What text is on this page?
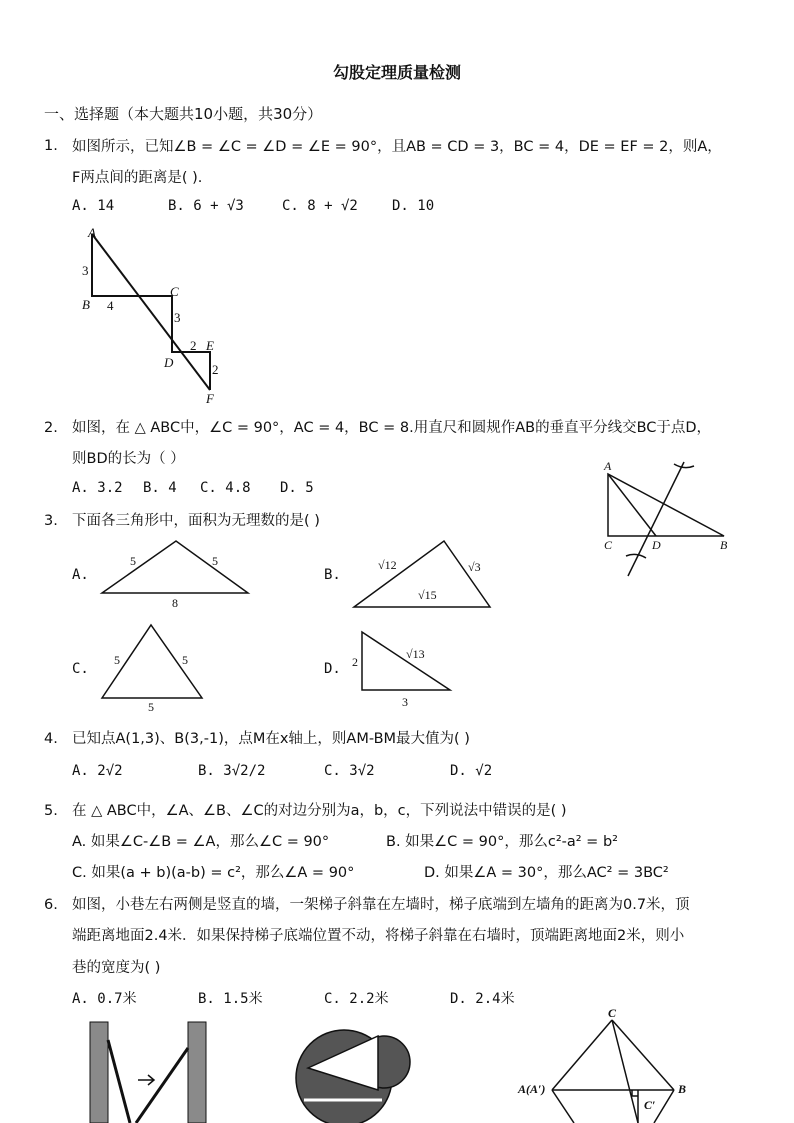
勾股定理质量检测
一、选择题（本大题共10小题，共30分）
1. 如图所示，已知∠B = ∠C = ∠D = ∠E = 90°，且AB = CD = 3，BC = 4，DE = EF = 2，则A，
F两点间的距离是( ).
A. 14	B. 6 + √3	C. 8 + √2 D. 10
A
B
C
D
E
F
3
4
3
2
2
2. 如图，在 △ ABC中，∠C = 90°，AC = 4，BC = 8.用直尺和圆规作AB的垂直平分线交BC于点D，
则BD的长为（ ）
A. 3.2 B. 4 C. 4.8 D. 5
A
C	D	B
3. 下面各三角形中，面积为无理数的是( )
A.
5	5
8
B.
√12	√3
√15
C.
5	5
5
D. 2
√13
3
4. 已知点A(1,3)、B(3,-1)，点M在x轴上，则AM-BM最大值为( )
A. 2√2	B. 3√2/2	C. 3√2	D. √2
5. 在 △ ABC中，∠A、∠B、∠C的对边分别为a，b，c，下列说法中错误的是( )
A. 如果∠C-∠B = ∠A，那么∠C = 90°	B. 如果∠C = 90°，那么c²-a² = b²
C. 如果(a + b)(a-b) = c²，那么∠A = 90°	D. 如果∠A = 30°，那么AC² = 3BC²
6. 如图，小巷左右两侧是竖直的墙，一架梯子斜靠在左墙时，梯子底端到左墙角的距离为0.7米，顶
端距离地面2.4米．如果保持梯子底端位置不动，将梯子斜靠在右墙时，顶端距离地面2米，则小
巷的宽度为( )
A. 0.7米	B. 1.5米	C. 2.2米	D. 2.4米
C
A(A′)	B
C′
